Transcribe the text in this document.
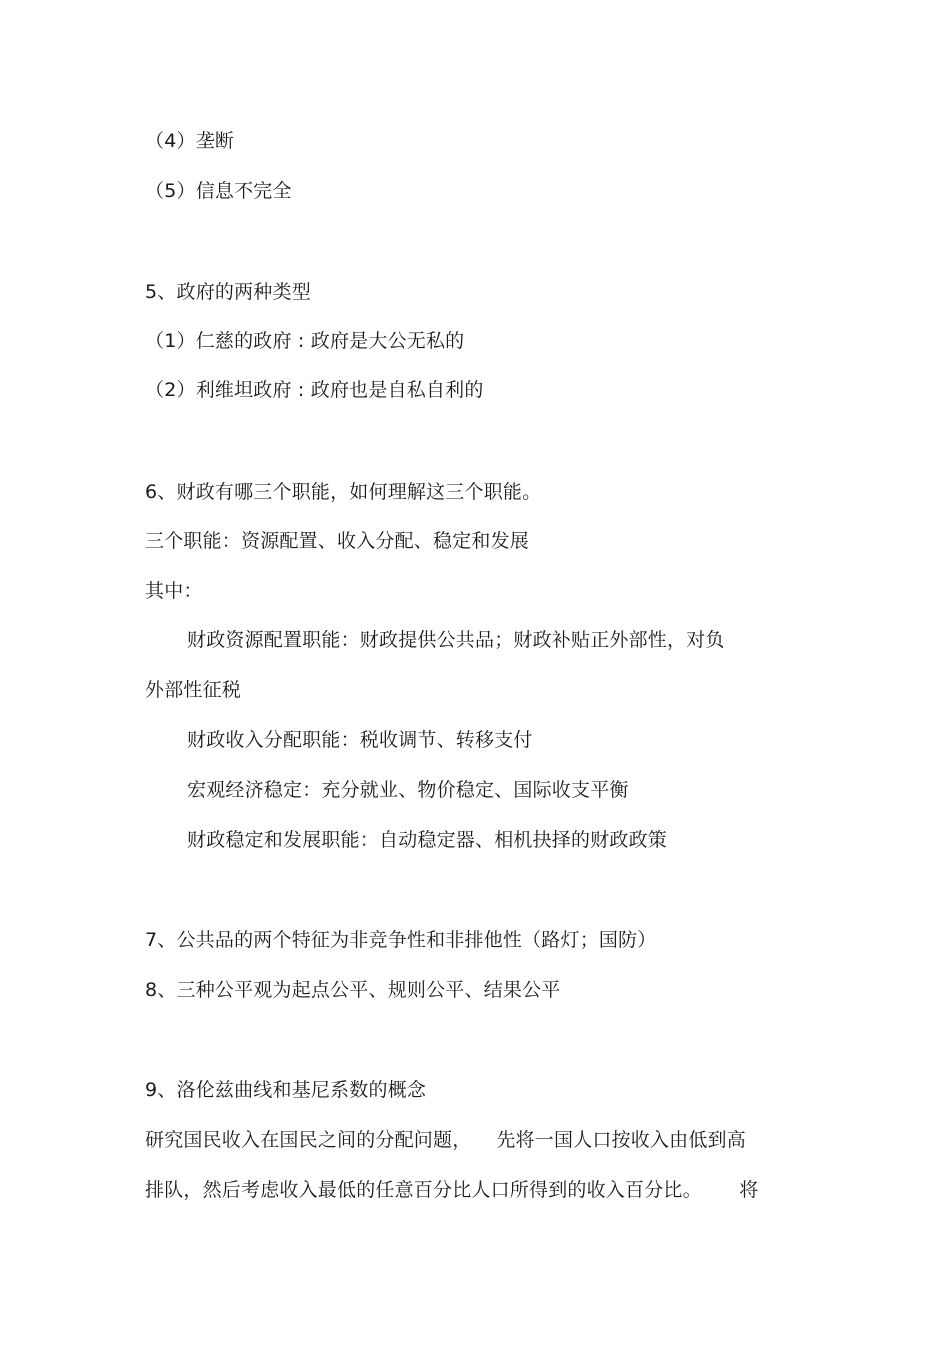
（4）垄断
（5）信息不完全
5、政府的两种类型
（1）仁慈的政府 : 政府是大公无私的
（2）利维坦政府 : 政府也是自私自利的
6、财政有哪三个职能，如何理解这三个职能。
三个职能：资源配置、收入分配、稳定和发展
其中：
财政资源配置职能：财政提供公共品；财政补贴正外部性，对负
外部性征税
财政收入分配职能：税收调节、转移支付
宏观经济稳定：充分就业、物价稳定、国际收支平衡
财政稳定和发展职能：自动稳定器、相机抉择的财政政策
7、公共品的两个特征为非竞争性和非排他性（路灯；国防）
8、三种公平观为起点公平、规则公平、结果公平
9、洛伦兹曲线和基尼系数的概念
研究国民收入在国民之间的分配问题，    先将一国人口按收入由低到高
排队，然后考虑收入最低的任意百分比人口所得到的收入百分比。      将
